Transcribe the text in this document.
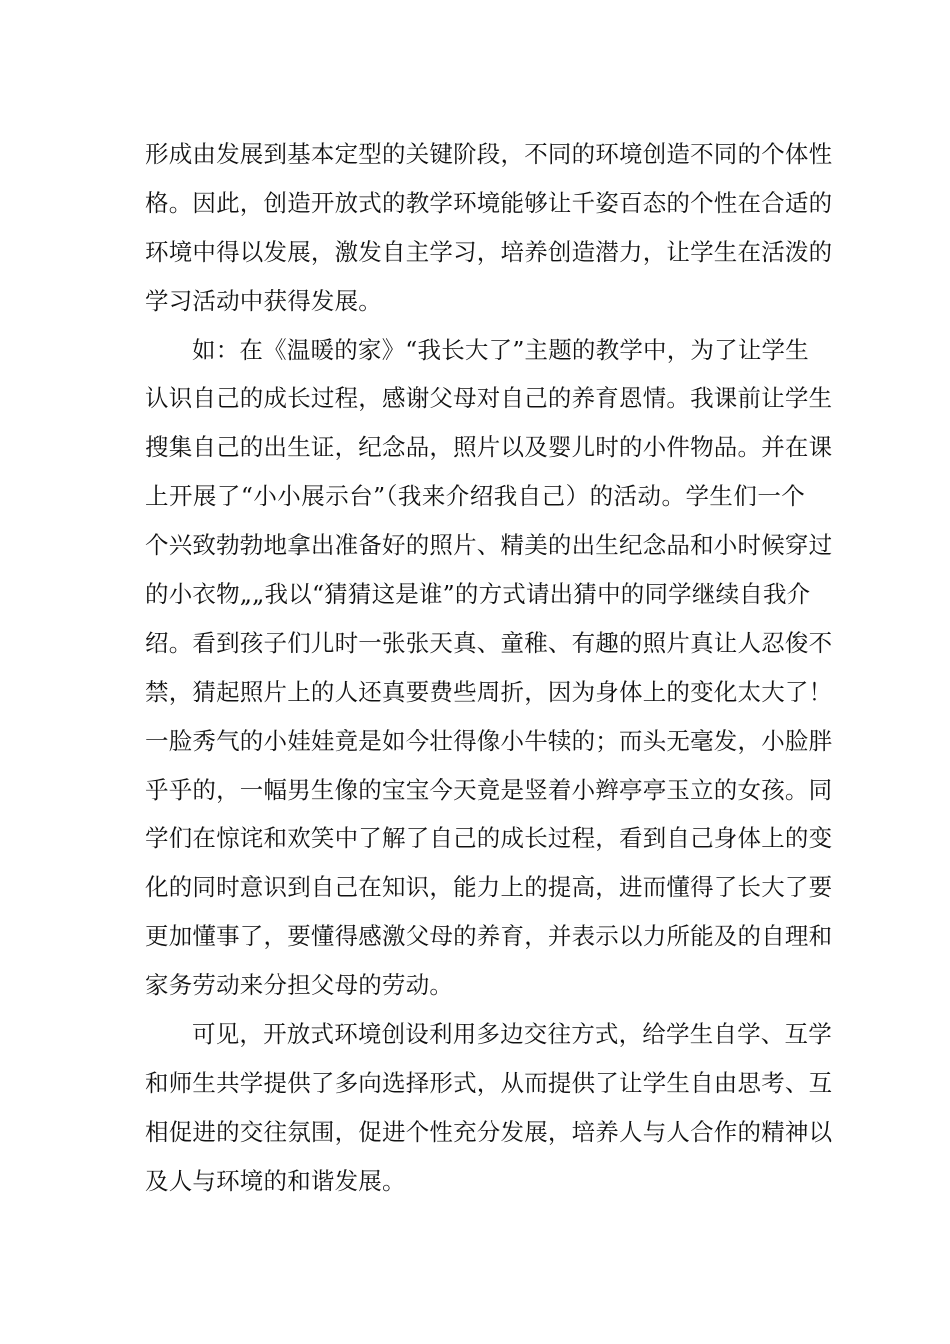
形成由发展到基本定型的关键阶段，不同的环境创造不同的个体性
格。因此，创造开放式的教学环境能够让千姿百态的个性在合适的
环境中得以发展，激发自主学习，培养创造潜力，让学生在活泼的
学习活动中获得发展。
如：在《温暖的家》“我长大了”主题的教学中，为了让学生
认识自己的成长过程，感谢父母对自己的养育恩情。我课前让学生
搜集自己的出生证，纪念品，照片以及婴儿时的小件物品。并在课
上开展了“小小展示台”（我来介绍我自己）的活动。学生们一个
个兴致勃勃地拿出准备好的照片、精美的出生纪念品和小时候穿过
的小衣物„„我以“猜猜这是谁”的方式请出猜中的同学继续自我介
绍。看到孩子们儿时一张张天真、童稚、有趣的照片真让人忍俊不
禁，猜起照片上的人还真要费些周折，因为身体上的变化太大了！
一脸秀气的小娃娃竟是如今壮得像小牛犊的；而头无毫发，小脸胖
乎乎的，一幅男生像的宝宝今天竟是竖着小辫亭亭玉立的女孩。同
学们在惊诧和欢笑中了解了自己的成长过程，看到自己身体上的变
化的同时意识到自己在知识，能力上的提高，进而懂得了长大了要
更加懂事了，要懂得感激父母的养育，并表示以力所能及的自理和
家务劳动来分担父母的劳动。
可见，开放式环境创设利用多边交往方式，给学生自学、互学
和师生共学提供了多向选择形式，从而提供了让学生自由思考、互
相促进的交往氛围，促进个性充分发展，培养人与人合作的精神以
及人与环境的和谐发展。
